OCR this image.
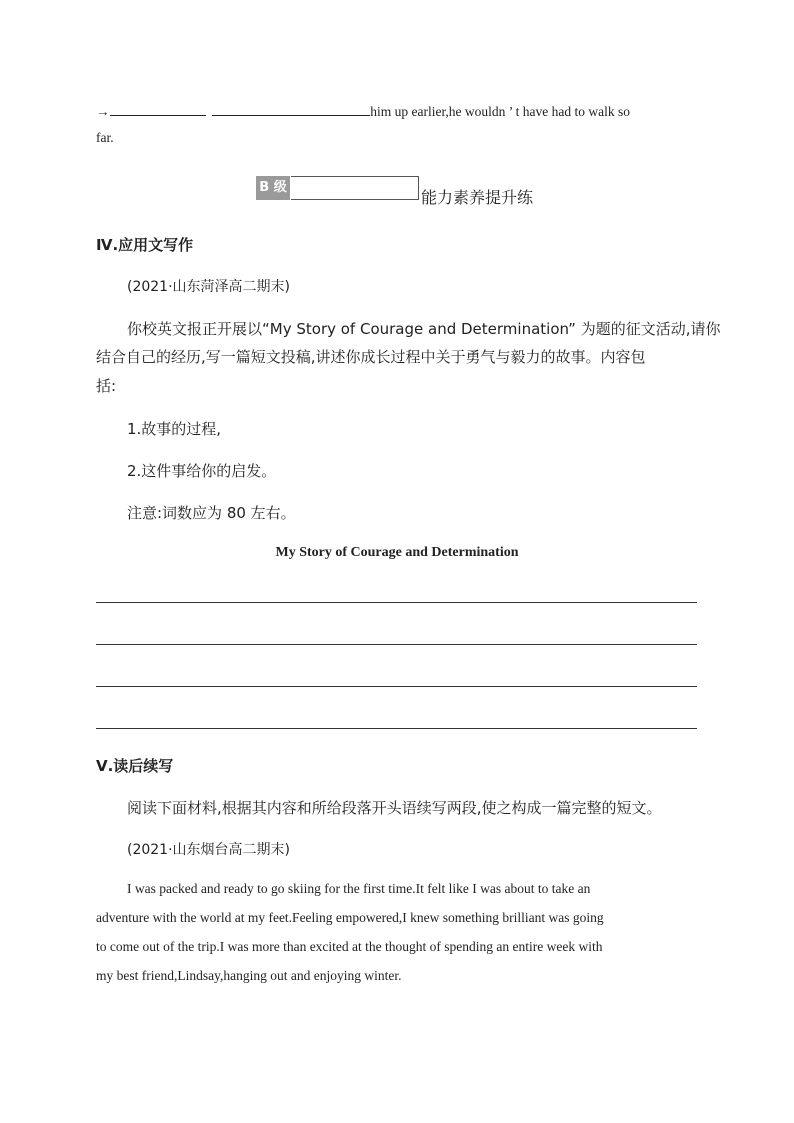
→	him up earlier,he wouldn ’ t have had to walk so
far.
B 级
能力素养提升练
Ⅳ.应用文写作
(2021·山东菏泽高二期末)
你校英文报正开展以“My Story of Courage and Determination” 为题的征文活动,请你
结合自己的经历,写一篇短文投稿,讲述你成长过程中关于勇气与毅力的故事。内容包
括:
1.故事的过程,
2.这件事给你的启发。
注意:词数应为 80 左右。
My Story of Courage and Determination
Ⅴ.读后续写
阅读下面材料,根据其内容和所给段落开头语续写两段,使之构成一篇完整的短文。
(2021·山东烟台高二期末)
I was packed and ready to go skiing for the first time.It felt like I was about to take an
adventure with the world at my feet.Feeling empowered,I knew something brilliant was going
to come out of the trip.I was more than excited at the thought of spending an entire week with
my best friend,Lindsay,hanging out and enjoying winter.
